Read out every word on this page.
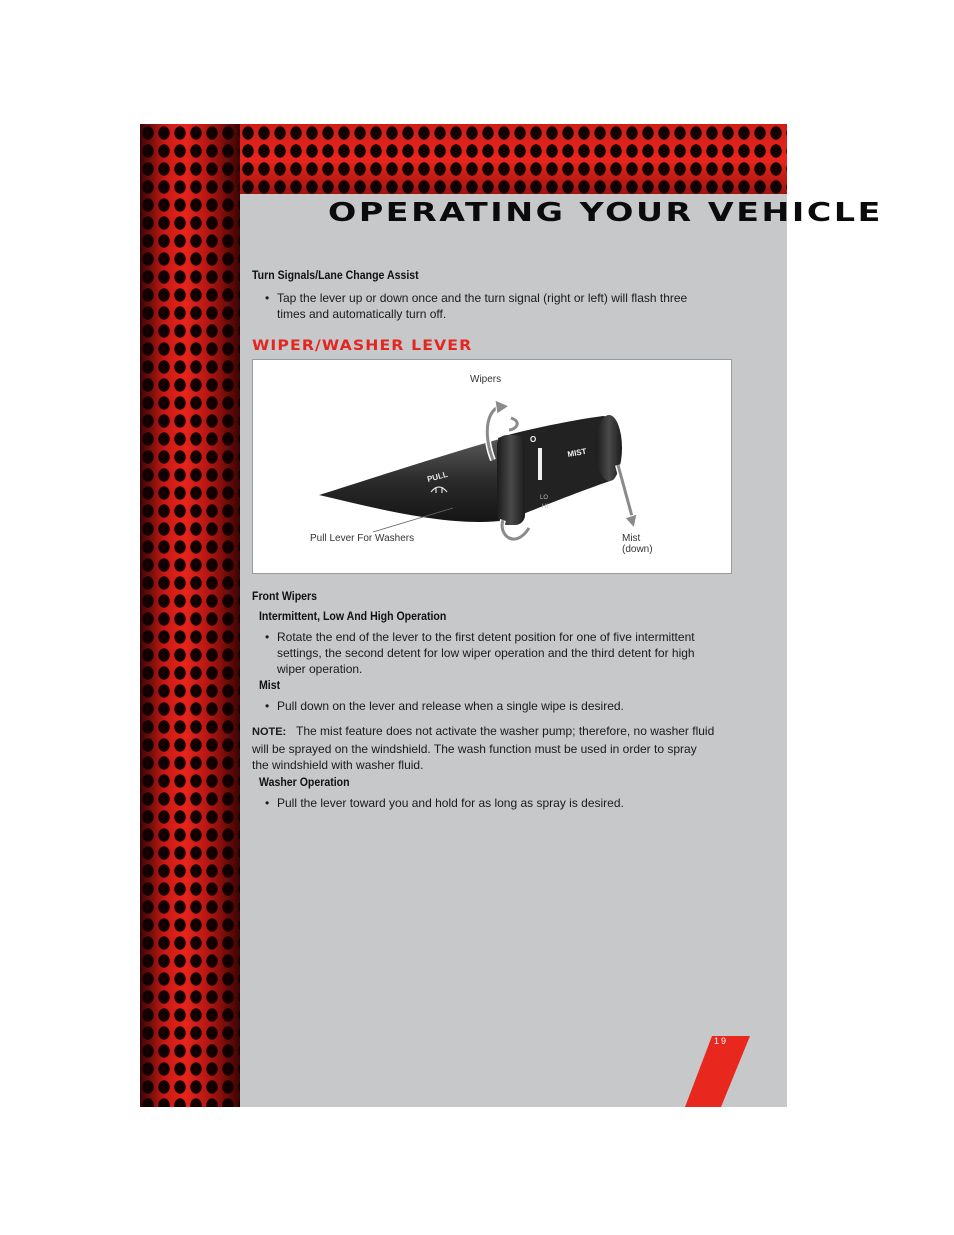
OPERATING YOUR VEHICLE
Turn Signals/Lane Change Assist
• Tap the lever up or down once and the turn signal (right or left) will flash three
times and automatically turn off.
WIPER/WASHER LEVER
PULL
MIST
O
LO
HI
Wipers
Pull Lever For Washers	Mist
(down)
Front Wipers
Intermittent, Low And High Operation
• Rotate the end of the lever to the first detent position for one of five intermittent
settings, the second detent for low wiper operation and the third detent for high
wiper operation.
Mist
• Pull down on the lever and release when a single wipe is desired.
NOTE: The mist feature does not activate the washer pump; therefore, no washer fluid
will be sprayed on the windshield. The wash function must be used in order to spray
the windshield with washer fluid.
Washer Operation
• Pull the lever toward you and hold for as long as spray is desired.
19
